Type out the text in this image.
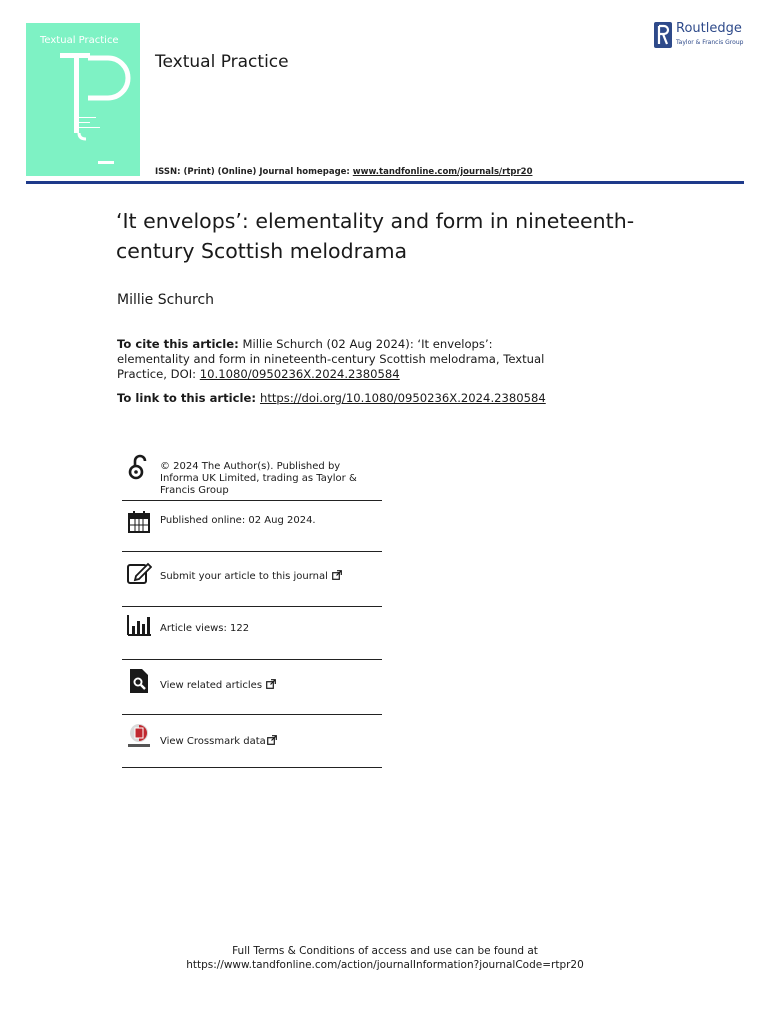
Textual Practice
Textual Practice
ISSN: (Print) (Online) Journal homepage: www.tandfonline.com/journals/rtpr20
Routledge
Taylor & Francis Group
‘It envelops’: elementality and form in nineteenth-century Scottish melodrama
Millie Schurch
To cite this article: Millie Schurch (02 Aug 2024): ‘It envelops’: elementality and form in nineteenth-century Scottish melodrama, Textual Practice, DOI: 10.1080/0950236X.2024.2380584
To link to this article: https://doi.org/10.1080/0950236X.2024.2380584
© 2024 The Author(s). Published by Informa UK Limited, trading as Taylor & Francis Group
Published online: 02 Aug 2024.
Submit your article to this journal
Article views: 122
View related articles
View Crossmark data
Full Terms & Conditions of access and use can be found at
https://www.tandfonline.com/action/journalInformation?journalCode=rtpr20
